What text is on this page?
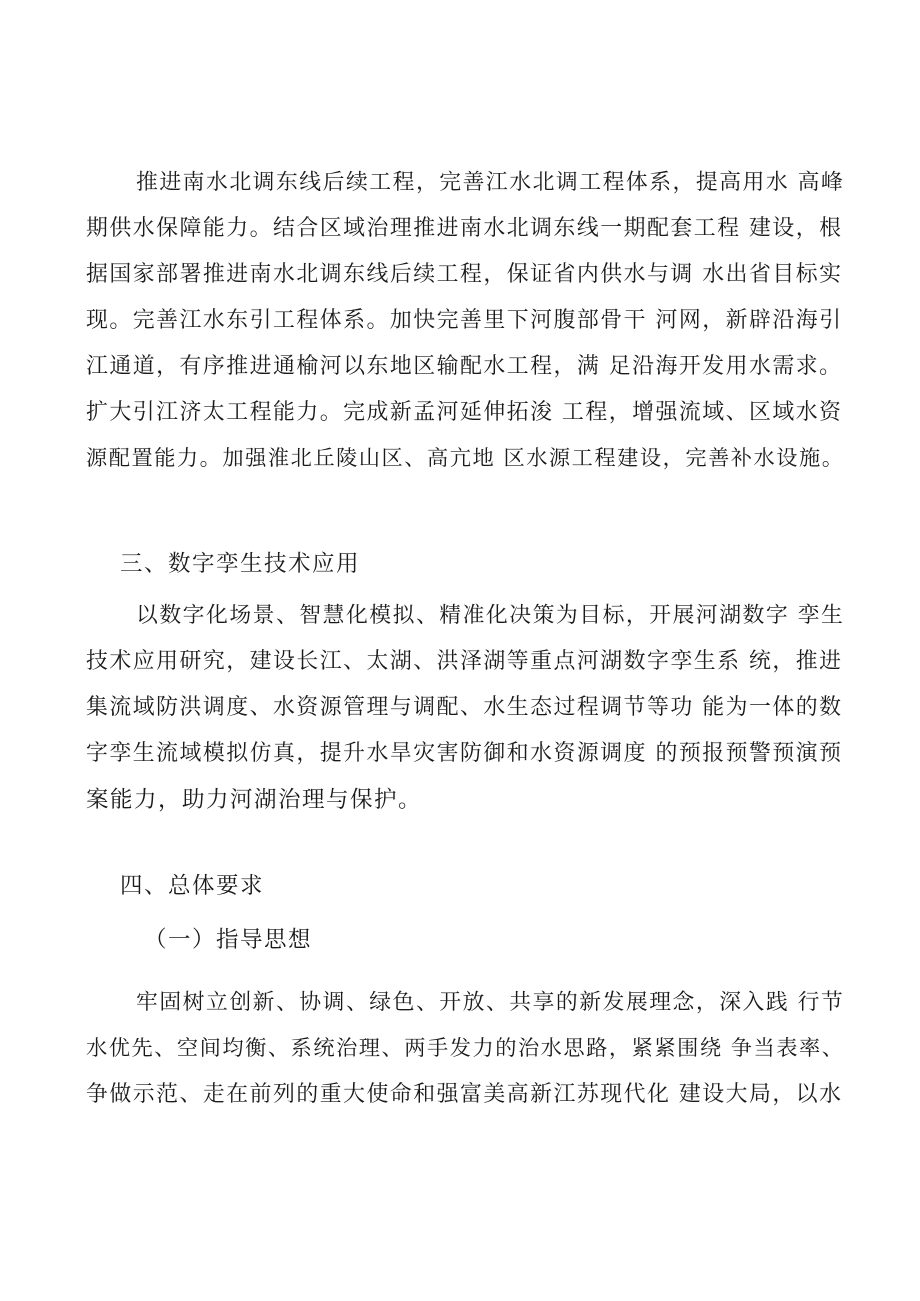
推进南水北调东线后续工程，完善江水北调工程体系，提高用水 高峰
期供水保障能力。结合区域治理推进南水北调东线一期配套工程 建设，根
据国家部署推进南水北调东线后续工程，保证省内供水与调 水出省目标实
现。完善江水东引工程体系。加快完善里下河腹部骨干 河网，新辟沿海引
江通道，有序推进通榆河以东地区输配水工程，满 足沿海开发用水需求。
扩大引江济太工程能力。完成新孟河延伸拓浚 工程，增强流域、区域水资
源配置能力。加强淮北丘陵山区、高亢地 区水源工程建设，完善补水设施。

三、数字孪生技术应用

以数字化场景、智慧化模拟、精准化决策为目标，开展河湖数字 孪生
技术应用研究，建设长江、太湖、洪泽湖等重点河湖数字孪生系 统，推进
集流域防洪调度、水资源管理与调配、水生态过程调节等功 能为一体的数
字孪生流域模拟仿真，提升水旱灾害防御和水资源调度 的预报预警预演预
案能力，助力河湖治理与保护。

四、总体要求
（一）指导思想

牢固树立创新、协调、绿色、开放、共享的新发展理念，深入践 行节
水优先、空间均衡、系统治理、两手发力的治水思路，紧紧围绕 争当表率、
争做示范、走在前列的重大使命和强富美高新江苏现代化 建设大局，以水
